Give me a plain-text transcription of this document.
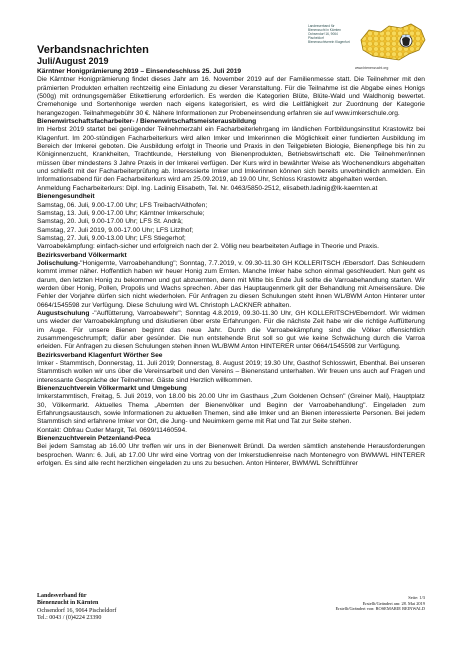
Verbandsnachrichten
Juli/August 2019
Landesverband für
Bienenzucht in Kärnten
Ochsendorf 16, 9064 Pischeldorf
Bienenzuchtverein Klagenfurt
www.bienenzucht.org

Kärntner Honigprämierung 2019 – Einsendeschluss 25. Juli 2019

Die Kärntner Honigprämierung findet dieses Jahr am 16. November 2019 auf der Familienmesse statt. Die Teilnehmer mit den prämierten Produkten erhalten rechtzeitig eine Einladung zu dieser Veranstaltung. Für die Teilnahme ist die Abgabe eines Honigs (500g) mit ordnungsgemäßer Etikettierung erforderlich. Es werden die Kategorien Blüte, Blüte-Wald und Waldhonig bewertet. Cremehonige und Sortenhonige werden nach eigens kategorisiert, es wird die Leitfähigkeit zur Zuordnung der Kategorie herangezogen. Teilnahmegebühr 30 €. Nähere Informationen zur Probeneinsendung erfahren sie auf www.imkerschule.org.

Bienenwirtschaftsfacharbeiter- / Bienenwirtschaftsmeisterausbildung

Im Herbst 2019 startet bei genügender Teilnehmerzahl ein Facharbeiterlehrgang im ländlichen Fortbildungsinstitut Krastowitz bei Klagenfurt. Im 200-stündigen Facharbeiterkurs wird allen Imker und Imkerinnen die Möglichkeit einer fundierten Ausbildung im Bereich der Imkerei geboten. Die Ausbildung erfolgt in Theorie und Praxis in den Teilgebieten Biologie, Bienenpflege bis hin zu Königinnenzucht, Krankheiten, Trachtkunde, Herstellung von Bienenprodukten, Betriebswirtschaft etc. Die Teilnehmer/innen müssen über mindestens 3 Jahre Praxis in der Imkerei verfügen. Der Kurs wird in bewährter Weise als Wochenendkurs abgehalten und schließt mit der Facharbeiterprüfung ab. Interessierte Imker und Imkerinnen können sich bereits unverbindlich anmelden. Ein Informationsabend für den Facharbeiterkurs wird am 25.09.2019, ab 19.00 Uhr, Schloss Krastowitz abgehalten werden.

Anmeldung Facharbeiterkurs: Dipl. Ing. Ladinig Elisabeth, Tel. Nr. 0463/5850-2512, elisabeth.ladinig@lk-kaernten.at

Bienengesundheit

Samstag, 06. Juli, 9.00-17.00 Uhr; LFS Treibach/Althofen;

Samstag, 13. Juli, 9.00-17.00 Uhr; Kärntner Imkerschule;

Samstag, 20. Juli, 9.00-17.00 Uhr; LFS St. Andrä;

Samstag, 27. Juli 2019, 9.00-17.00 Uhr; LFS Litzlhof;

Samstag, 27. Juli, 9.00-13.00 Uhr; LFS Stiegerhof;

Varroabekämpfung: einfach-sicher und erfolgreich nach der 2. Völlig neu bearbeiteten Auflage in Theorie und Praxis.

Bezirksverband Völkermarkt

Jolischulung-"Honigernte, Varroabehandlung"; Sonntag, 7.7.2019, v. 09.30-11.30 GH KOLLERITSCH /Ebersdorf. Das Schleudern kommt immer näher. Hoffentlich haben wir heuer Honig zum Ernten. Manche Imker habe schon einmal geschleudert. Nun geht es darum, den letzten Honig zu bekommen und gut abzuernten, denn mit Mitte bis Ende Juli sollte die Varroabehandlung starten. Wir werden über Honig, Pollen, Propolis und Wachs sprechen. Aber das Hauptaugenmerk gilt der Behandlung mit Ameisensäure. Die Fehler der Vorjahre dürfen sich nicht wiederholen. Für Anfragen zu diesen Schulungen steht ihnen WL/BWM Anton Hinterer unter 0664/1545598 zur Verfügung. Diese Schulung wird WL Christoph LACKNER abhalten.

Augustschulung -"Auffütterung, Varroabewehr"; Sonntag 4.8.2019, 09.30-11.30 Uhr, GH KOLLERITSCH/Eberndorf. Wir widmen uns wieder der Varroabekämpfung und diskutieren über erste Erfahrungen. Für die nächste Zeit habe wir die richtige Auffütterung im Auge. Für unsere Bienen beginnt das neue Jahr. Durch die Varroabekämpfung sind die Völker offensichtlich zusammengeschrumpft; dafür aber gesünder. Die nun entstehende Brut soll so gut wie keine Schwächung durch die Varroa erleiden. Für Anfragen zu diesen Schulungen stehen ihnen WL/BWM Anton HINTERER unter 0664/1545598 zur Verfügung.

Bezirksverband Klagenfurt Wörther See

Imker - Stammtisch, Donnerstag, 11. Juli 2019; Donnerstag, 8. August 2019; 19.30 Uhr, Gasthof Schlosswirt, Ebenthal. Bei unseren Stammtisch wollen wir uns über die Vereinsarbeit und den Vereins – Bienenstand unterhalten. Wir freuen uns auch auf Fragen und interessante Gespräche der Teilnehmer. Gäste sind Herzlich willkommen.

Bienenzuchtverein Völkermarkt und Umgebung

Imkerstammtisch, Freitag, 5. Juli 2019, von 18.00 bis 20.00 Uhr im Gasthaus „Zum Goldenen Ochsen" (Greiner Mali), Hauptplatz 30, Völkermarkt. Aktuelles Thema „Abernten der Bienenvölker und Beginn der Varroabehandlung". Eingeladen zum Erfahrungsaustausch, sowie Informationen zu aktuellen Themen, sind alle Imker und an Bienen interessierte Personen. Bei jedem Stammtisch sind erfahrene Imker vor Ort, die Jung- und Neuimkern gerne mit Rat und Tat zur Seite stehen.

Kontakt: Obfrau Cuder Margit, Tel. 0699/11460594.

Bienenzuchtverein Petzenland-Peca

Bei jedem Samstag ab 16.00 Uhr treffen wir uns in der Bienenwelt Bründl. Da werden sämtlich anstehende Herausforderungen besprochen. Wann: 6. Juli, ab 17.00 Uhr wird eine Vortrag von der Imkerstudienreise nach Montenegro von BWM/WL HINTERER erfolgen. Es sind alle recht herzlichen eingeladen zu uns zu besuchen. Anton Hinterer, BWM/WL Schriftführer

Landesverband für
Bienenzucht in Kärnten
Ochsendorf 16, 9064 Pischeldorf
Tel.: 0043 / (0)4224 23390
Seite: 1/3
Erstellt/Geändert am: 28. Mai 2019
Erstellt/Geändert von: ROSEMARIE REINWALD
